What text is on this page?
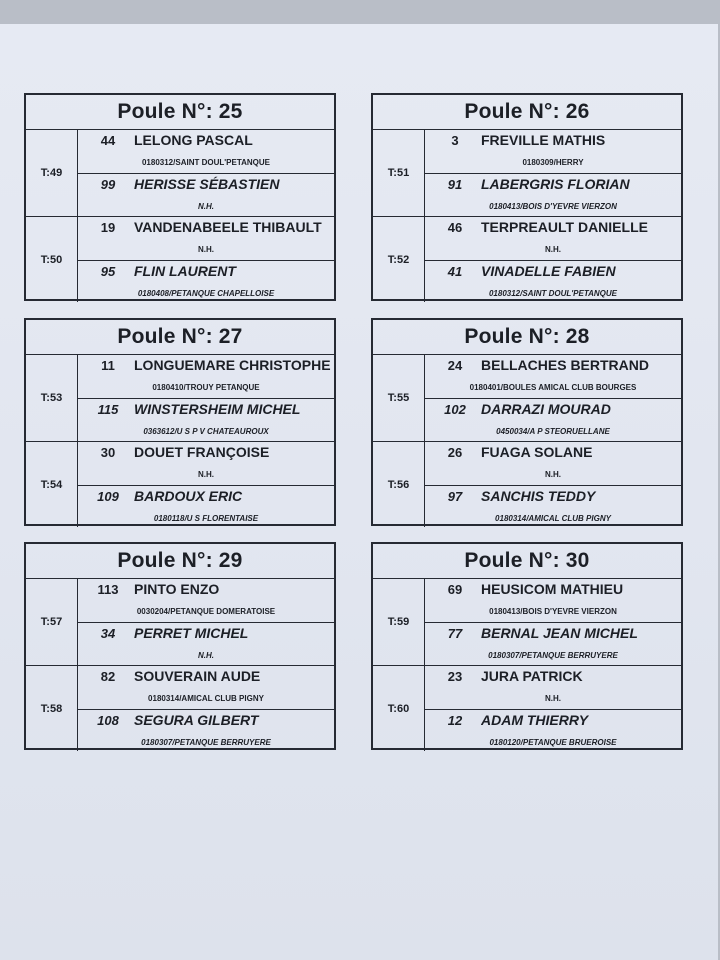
Poule N°: 25
T:49
44	LELONG PASCAL
0180312/SAINT DOUL'PETANQUE
99	HERISSE SÉBASTIEN
N.H.
T:50
19	VANDENABEELE THIBAULT
N.H.
95	FLIN LAURENT
0180408/PETANQUE CHAPELLOISE
Poule N°: 26
T:51
3	FREVILLE MATHIS
0180309/HERRY
91	LABERGRIS FLORIAN
0180413/BOIS D'YEVRE VIERZON
T:52
46	TERPREAULT DANIELLE
N.H.
41	VINADELLE FABIEN
0180312/SAINT DOUL'PETANQUE
Poule N°: 27
T:53
11	LONGUEMARE CHRISTOPHE
0180410/TROUY PETANQUE
115	WINSTERSHEIM MICHEL
0363612/U S P V CHATEAUROUX
T:54
30	DOUET FRANÇOISE
N.H.
109	BARDOUX ERIC
0180118/U S FLORENTAISE
Poule N°: 28
T:55
24	BELLACHES BERTRAND
0180401/BOULES AMICAL CLUB BOURGES
102	DARRAZI MOURAD
0450034/A P STEORUELLANE
T:56
26	FUAGA SOLANE
N.H.
97	SANCHIS TEDDY
0180314/AMICAL CLUB PIGNY
Poule N°: 29
T:57
113	PINTO ENZO
0030204/PETANQUE DOMERATOISE
34	PERRET MICHEL
N.H.
T:58
82	SOUVERAIN AUDE
0180314/AMICAL CLUB PIGNY
108	SEGURA GILBERT
0180307/PETANQUE BERRUYERE
Poule N°: 30
T:59
69	HEUSICOM MATHIEU
0180413/BOIS D'YEVRE VIERZON
77	BERNAL JEAN MICHEL
0180307/PETANQUE BERRUYERE
T:60
23	JURA PATRICK
N.H.
12	ADAM THIERRY
0180120/PETANQUE BRUEROISE
